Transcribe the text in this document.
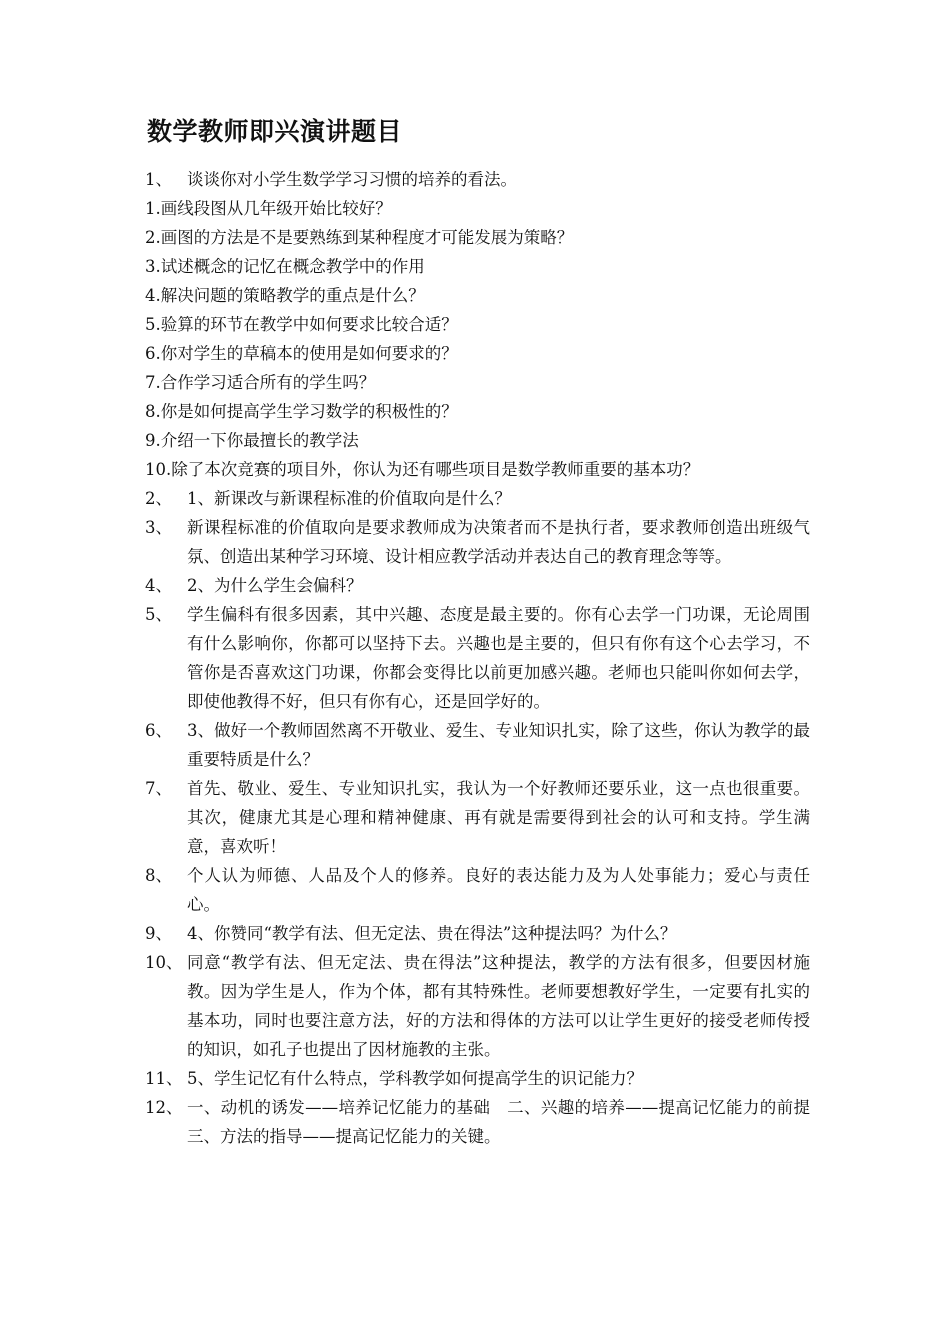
数学教师即兴演讲题目
1、 谈谈你对小学生数学学习习惯的培养的看法。
1.画线段图从几年级开始比较好？
2.画图的方法是不是要熟练到某种程度才可能发展为策略？
3.试述概念的记忆在概念教学中的作用
4.解决问题的策略教学的重点是什么？
5.验算的环节在教学中如何要求比较合适？
6.你对学生的草稿本的使用是如何要求的？
7.合作学习适合所有的学生吗？
8.你是如何提高学生学习数学的积极性的？
9.介绍一下你最擅长的教学法
10.除了本次竞赛的项目外，你认为还有哪些项目是数学教师重要的基本功？
2、 1、新课改与新课程标准的价值取向是什么？
3、 新课程标准的价值取向是要求教师成为决策者而不是执行者，要求教师创造出班级气氛、创造出某种学习环境、设计相应教学活动并表达自己的教育理念等等。
4、 2、为什么学生会偏科？
5、 学生偏科有很多因素，其中兴趣、态度是最主要的。你有心去学一门功课，无论周围有什么影响你，你都可以坚持下去。兴趣也是主要的，但只有你有这个心去学习，不管你是否喜欢这门功课，你都会变得比以前更加感兴趣。老师也只能叫你如何去学，即使他教得不好，但只有你有心，还是回学好的。
6、 3、做好一个教师固然离不开敬业、爱生、专业知识扎实，除了这些，你认为教学的最重要特质是什么？
7、 首先、敬业、爱生、专业知识扎实，我认为一个好教师还要乐业，这一点也很重要。 其次，健康尤其是心理和精神健康、再有就是需要得到社会的认可和支持。学生满意，喜欢听！
8、 个人认为师德、人品及个人的修养。良好的表达能力及为人处事能力；爱心与责任心。
9、 4、你赞同“教学有法、但无定法、贵在得法”这种提法吗？为什么？
10、 同意“教学有法、但无定法、贵在得法”这种提法，教学的方法有很多，但要因材施教。因为学生是人，作为个体，都有其特殊性。老师要想教好学生，一定要有扎实的基本功，同时也要注意方法，好的方法和得体的方法可以让学生更好的接受老师传授的知识，如孔子也提出了因材施教的主张。
11、 5、学生记忆有什么特点，学科教学如何提高学生的识记能力？
12、 一、动机的诱发——培养记忆能力的基础　二、兴趣的培养——提高记忆能力的前提 三、方法的指导——提高记忆能力的关键。
